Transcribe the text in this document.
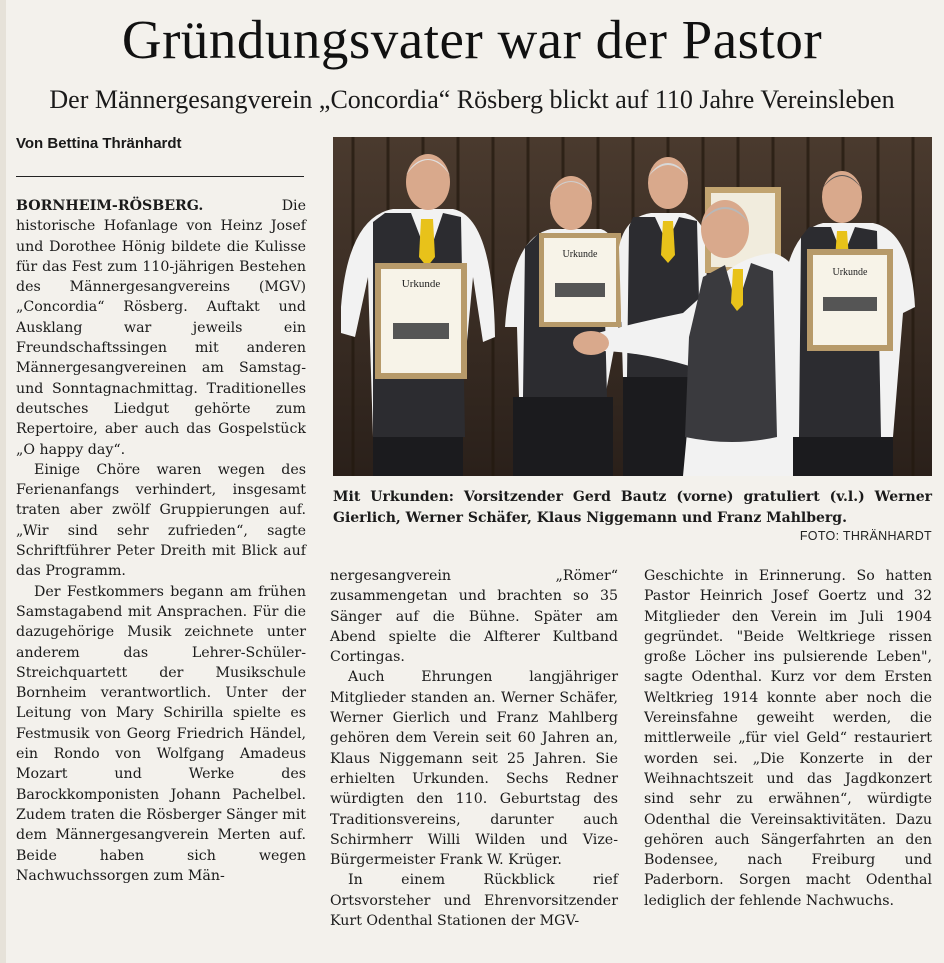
Gründungsvater war der Pastor
Der Männergesangverein „Concordia“ Rösberg blickt auf 110 Jahre Vereinsleben
Von Bettina Thränhardt

BORNHEIM-RÖSBERG.	Die historische Hofanlage von Heinz Josef und Dorothee Hönig bildete die Kulisse für das Fest zum 110-jährigen Bestehen des Männergesangvereins (MGV) „Concordia“ Rösberg. Auftakt und Ausklang war jeweils ein Freundschaftssingen mit anderen Männergesangvereinen am Samstag- und Sonntagnachmittag. Traditionelles deutsches Liedgut gehörte zum Repertoire, aber auch das Gospelstück „O happy day“.

Einige Chöre waren wegen des Ferienanfangs verhindert, insgesamt traten aber zwölf Gruppierungen auf. „Wir sind sehr zufrieden“, sagte Schriftführer Peter Dreith mit Blick auf das Programm.

Der Festkommers begann am frühen Samstagabend mit Ansprachen. Für die dazugehörige Musik zeichnete unter anderem das Lehrer-Schüler-Streichquartett der Musikschule Bornheim verantwortlich. Unter der Leitung von Mary Schirilla spielte es Festmusik von Georg Friedrich Händel, ein Rondo von Wolfgang Amadeus Mozart und Werke des Barockkomponisten Johann Pachelbel. Zudem traten die Rösberger Sänger mit dem Männergesangverein Merten auf. Beide haben sich wegen Nachwuchssorgen zum Män-

Urkunde
Urkunde
Urkunde
Mit Urkunden: Vorsitzender Gerd Bautz (vorne) gratuliert (v.l.) Werner Gierlich, Werner Schäfer, Klaus Niggemann und Franz Mahlberg.
FOTO: THRÄNHARDT

nergesangverein „Römer“ zusammengetan und brachten so 35 Sänger auf die Bühne. Später am Abend spielte die Alfterer Kultband Cortingas.

Auch Ehrungen langjähriger Mitglieder standen an. Werner Schäfer, Werner Gierlich und Franz Mahlberg gehören dem Verein seit 60 Jahren an, Klaus Niggemann seit 25 Jahren. Sie erhielten Urkunden. Sechs Redner würdigten den 110. Geburtstag des Traditionsvereins, darunter auch Schirmherr Willi Wilden und Vize-Bürgermeister Frank W. Krüger.

In einem Rückblick rief Ortsvorsteher und Ehrenvorsitzender Kurt Odenthal Stationen der MGV-

Geschichte in Erinnerung. So hatten Pastor Heinrich Josef Goertz und 32 Mitglieder den Verein im Juli 1904 gegründet. "Beide Weltkriege rissen große Löcher ins pulsierende Leben", sagte Odenthal. Kurz vor dem Ersten Weltkrieg 1914 konnte aber noch die Vereinsfahne geweiht werden, die mittlerweile „für viel Geld“ restauriert worden sei. „Die Konzerte in der Weihnachtszeit und das Jagdkonzert sind sehr zu erwähnen“, würdigte Odenthal die Vereinsaktivitäten. Dazu gehören auch Sängerfahrten an den Bodensee, nach Freiburg und Paderborn. Sorgen macht Odenthal lediglich der fehlende Nachwuchs.
